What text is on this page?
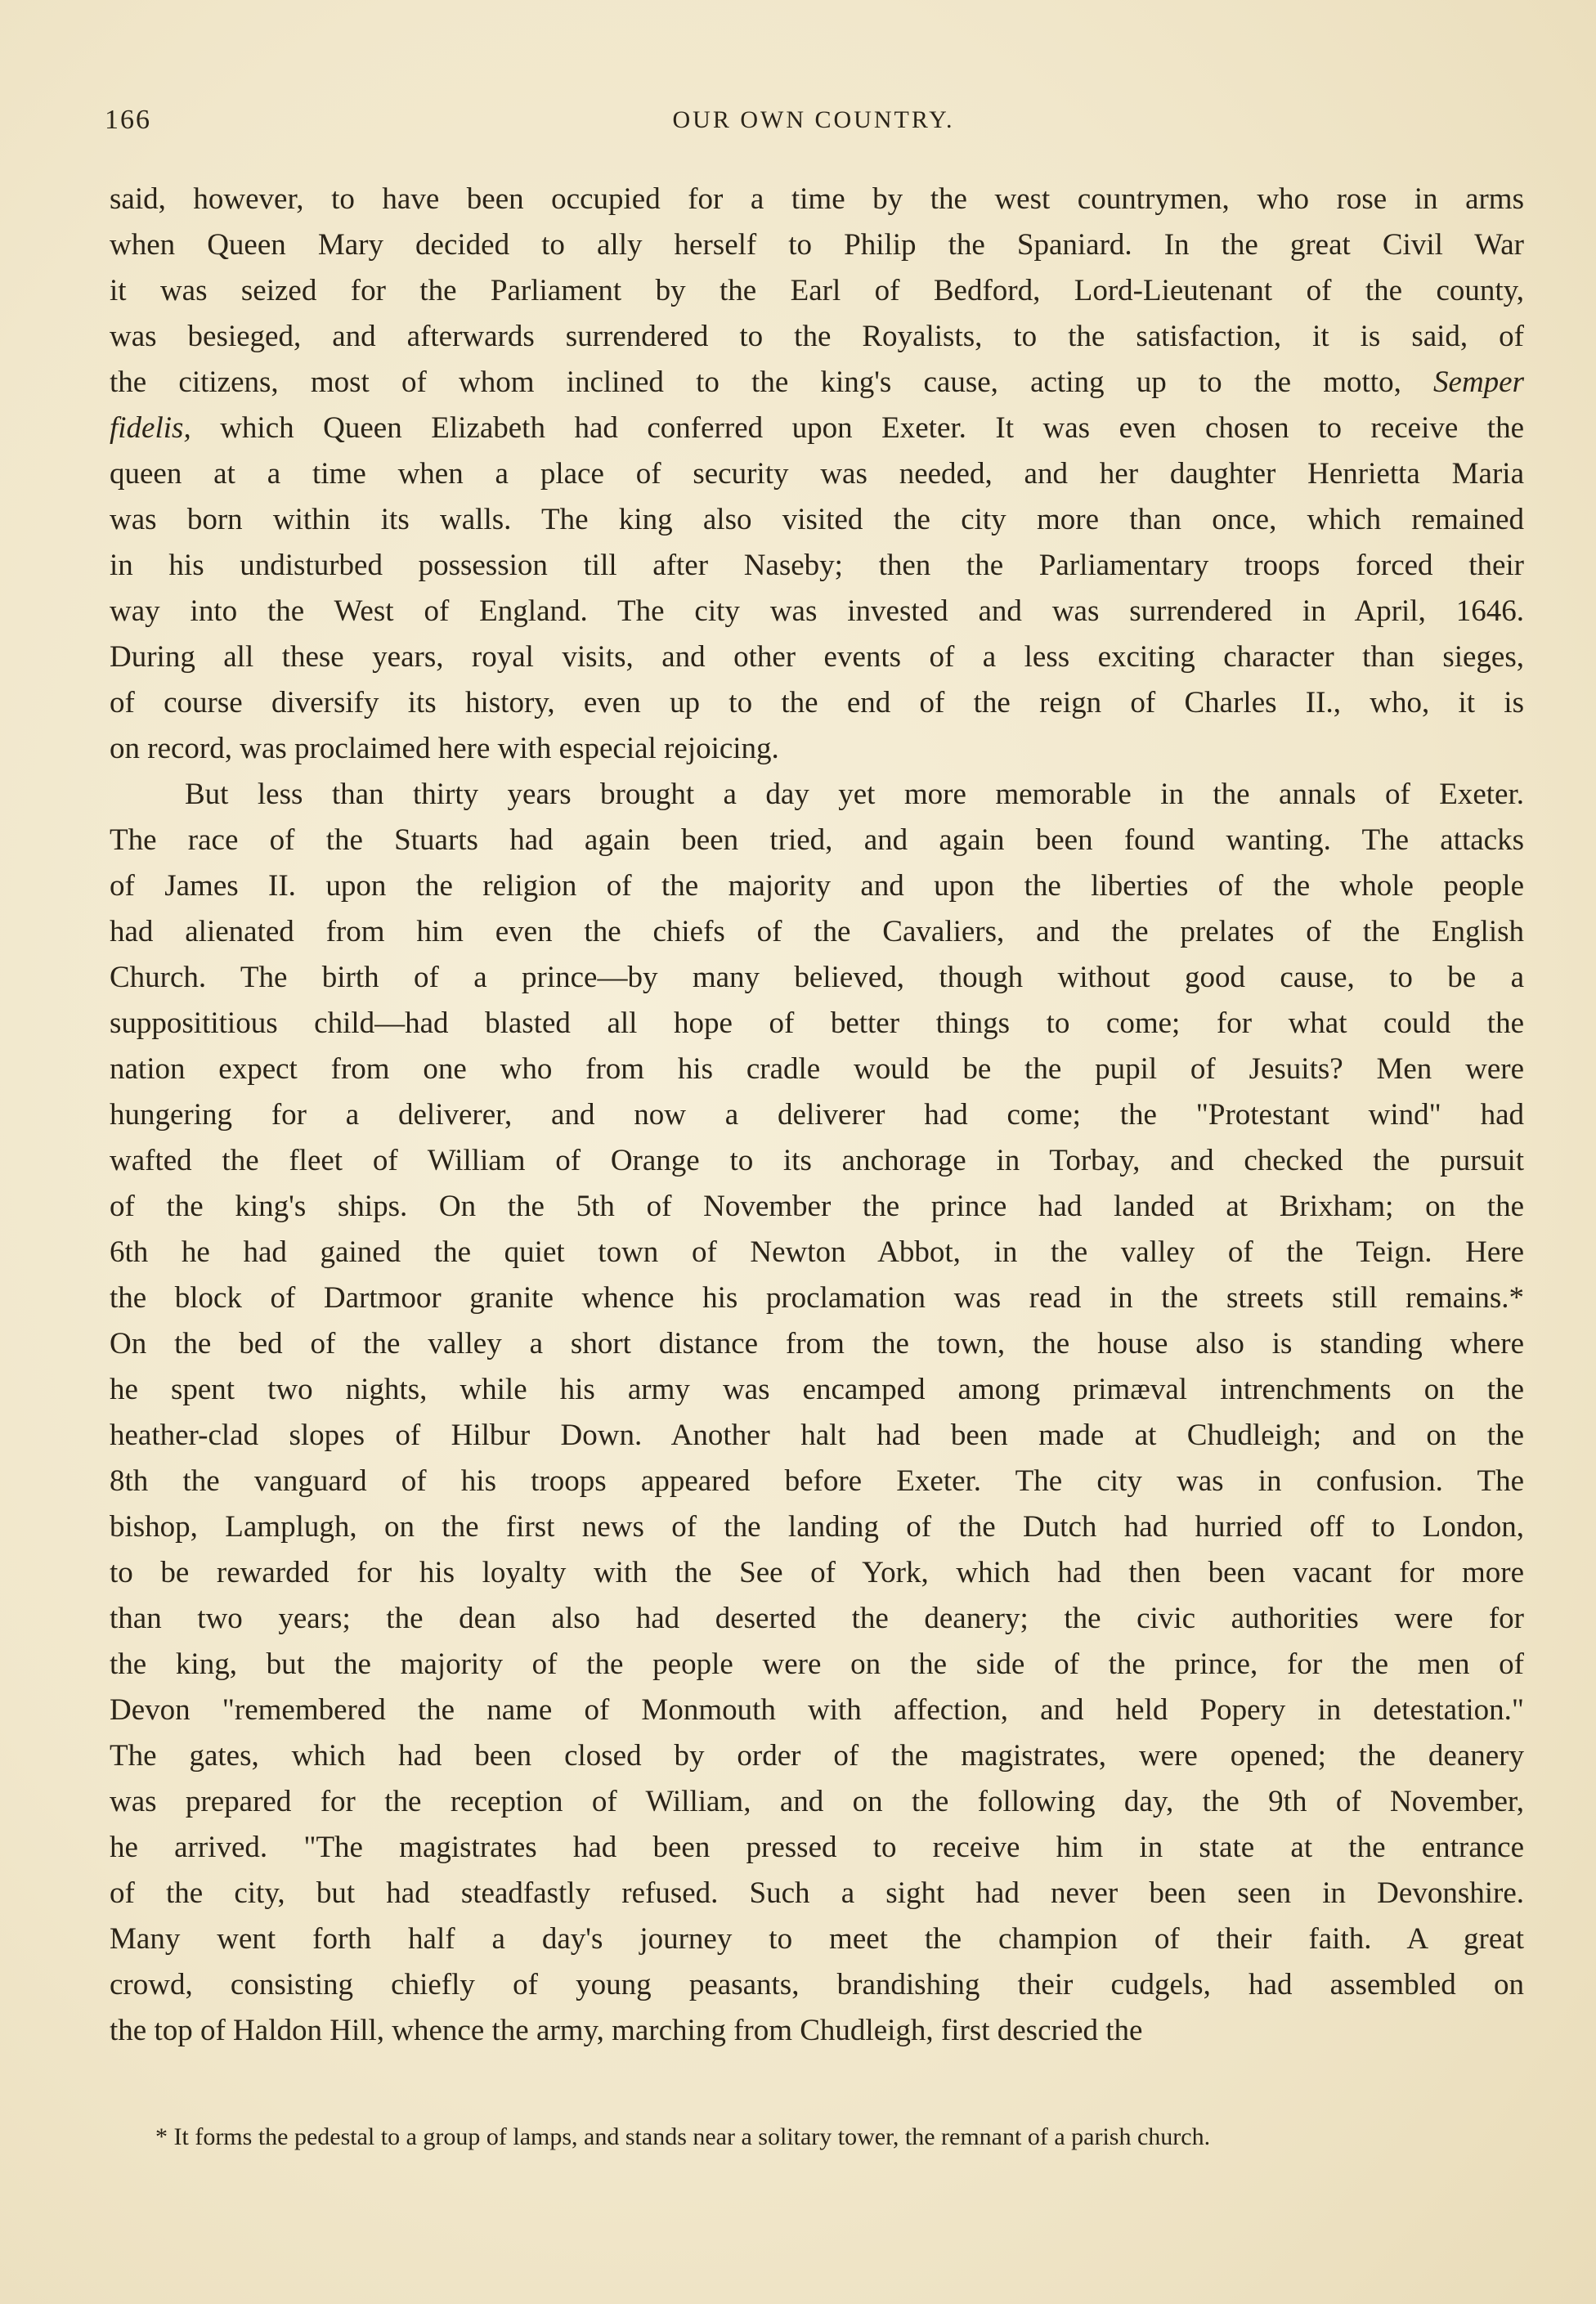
166	OUR OWN COUNTRY.
said, however, to have been occupied for a time by the west countrymen, who rose in arms
when Queen Mary decided to ally herself to Philip the Spaniard. In the great Civil War
it was seized for the Parliament by the Earl of Bedford, Lord-Lieutenant of the county,
was besieged, and afterwards surrendered to the Royalists, to the satisfaction, it is said, of
the citizens, most of whom inclined to the king's cause, acting up to the motto, Semper
fidelis, which Queen Elizabeth had conferred upon Exeter. It was even chosen to receive the
queen at a time when a place of security was needed, and her daughter Henrietta Maria
was born within its walls. The king also visited the city more than once, which remained
in his undisturbed possession till after Naseby; then the Parliamentary troops forced their
way into the West of England. The city was invested and was surrendered in April, 1646.
During all these years, royal visits, and other events of a less exciting character than sieges,
of course diversify its history, even up to the end of the reign of Charles II., who, it is
on record, was proclaimed here with especial rejoicing.
But less than thirty years brought a day yet more memorable in the annals of Exeter.
The race of the Stuarts had again been tried, and again been found wanting. The attacks
of James II. upon the religion of the majority and upon the liberties of the whole people
had alienated from him even the chiefs of the Cavaliers, and the prelates of the English
Church. The birth of a prince—by many believed, though without good cause, to be a
supposititious child—had blasted all hope of better things to come; for what could the
nation expect from one who from his cradle would be the pupil of Jesuits? Men were
hungering for a deliverer, and now a deliverer had come; the "Protestant wind" had
wafted the fleet of William of Orange to its anchorage in Torbay, and checked the pursuit
of the king's ships. On the 5th of November the prince had landed at Brixham; on the
6th he had gained the quiet town of Newton Abbot, in the valley of the Teign. Here
the block of Dartmoor granite whence his proclamation was read in the streets still remains.*
On the bed of the valley a short distance from the town, the house also is standing where
he spent two nights, while his army was encamped among primæval intrenchments on the
heather-clad slopes of Hilbur Down. Another halt had been made at Chudleigh; and on the
8th the vanguard of his troops appeared before Exeter. The city was in confusion. The
bishop, Lamplugh, on the first news of the landing of the Dutch had hurried off to London,
to be rewarded for his loyalty with the See of York, which had then been vacant for more
than two years; the dean also had deserted the deanery; the civic authorities were for
the king, but the majority of the people were on the side of the prince, for the men of
Devon "remembered the name of Monmouth with affection, and held Popery in detestation."
The gates, which had been closed by order of the magistrates, were opened; the deanery
was prepared for the reception of William, and on the following day, the 9th of November,
he arrived. "The magistrates had been pressed to receive him in state at the entrance
of the city, but had steadfastly refused. Such a sight had never been seen in Devonshire.
Many went forth half a day's journey to meet the champion of their faith. A great
crowd, consisting chiefly of young peasants, brandishing their cudgels, had assembled on
the top of Haldon Hill, whence the army, marching from Chudleigh, first descried the
* It forms the pedestal to a group of lamps, and stands near a solitary tower, the remnant of a parish church.
